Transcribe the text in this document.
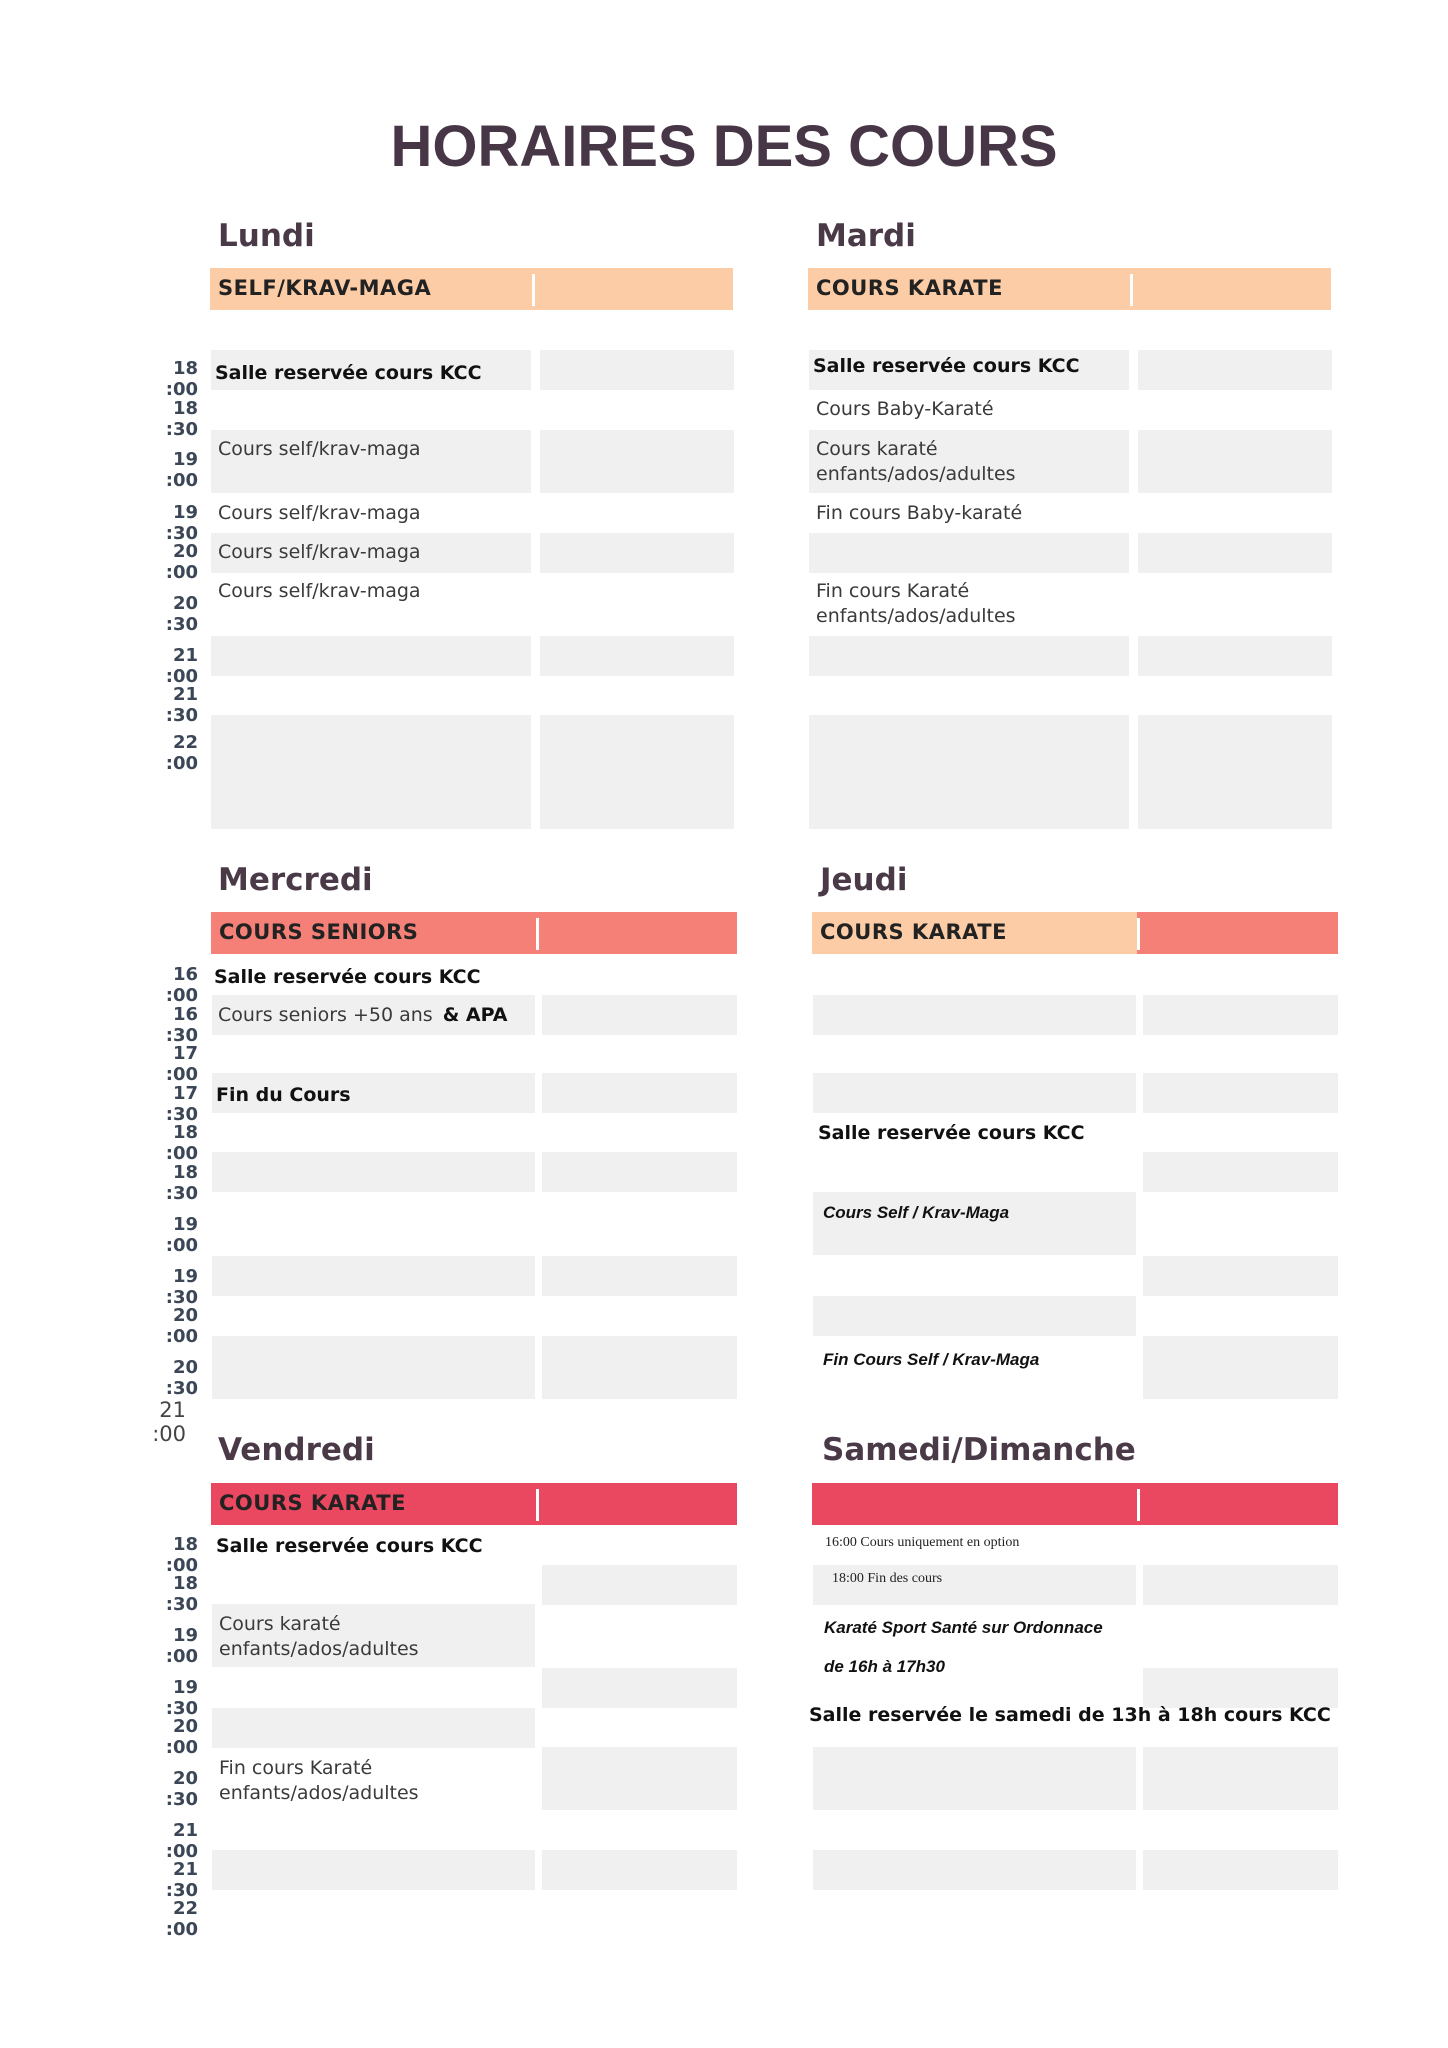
HORAIRES DES COURS
Lundi
SELF/KRAV-MAGA
18 :00
18 :30
19 :00
19 :30
20 :00
20 :30
21 :00
21 :30
22 :00
Salle reservée cours KCC
Cours self/krav-maga
Cours self/krav-maga
Cours self/krav-maga
Cours self/krav-maga
Mardi
COURS KARATE
Salle reservée cours KCC
Cours Baby-Karaté
Cours karaté
enfants/ados/adultes
Fin cours Baby-karaté
Fin cours Karaté
enfants/ados/adultes
Mercredi
COURS SENIORS
16 :00
16 :30
17 :00
17 :30
18 :00
18 :30
19 :00
19 :30
20 :00
20 :30
21 :00
Salle reservée cours KCC
Cours seniors +50 ans & APA
Fin du Cours
Jeudi
COURS KARATE
Salle reservée cours KCC
Cours Self / Krav-Maga
Fin Cours Self / Krav-Maga
Vendredi
COURS KARATE
18 :00
18 :30
19 :00
19 :30
20 :00
20 :30
21 :00
21 :30
22 :00
Salle reservée cours KCC
Cours karaté
enfants/ados/adultes
Fin cours Karaté
enfants/ados/adultes
Samedi/Dimanche
16:00 Cours uniquement en option
18:00 Fin des cours
Karaté Sport Santé sur Ordonnace
de 16h à 17h30
Salle reservée le samedi de 13h à 18h cours KCC
